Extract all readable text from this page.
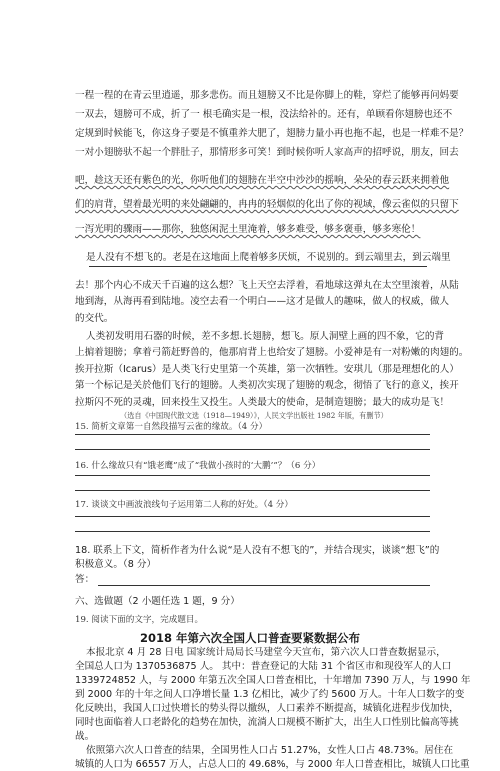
一程一程的在青云里逍遥，那多悲伤。而且翅膀又不比是你脚上的鞋，穿烂了能够再问妈要
一双去，翅膀可不成，折了一 根毛确实是一根，没法给补的。还有，单顾看你翅膀也还不
定规到时候能飞，你这身子要是不慎重养大肥了，翅膀力量小再也拖不起，也是一样难不是？
一对小翅膀驮不起一个胖肚子，那情形多可笑！到时候你听人家高声的招呼说，朋友，回去
吧，趁这天还有紫色的光，你听他们的翅膀在半空中沙沙的摇响，朵朵的春云跃来拥着他
们的肩背，望着最光明的来处翩翩的，冉冉的轻烟似的化出了你的视域，像云雀似的只留下
一泻光明的骤雨——那你，独悠闲泥土里淹着，够多难受，够多褒垂，够多寒伦！
是人没有不想飞的。老是在这地面上爬着够多厌烦，不说别的。到云端里去，到云端里
去！那个内心不成天千百遍的这么想？飞上天空去浮着，看地球这弹丸在太空里滚着，从陆
地到海，从海再看到陆地。凌空去看一个明白——这才是做人的趣味，做人的权威，做人
的交代。
人类初发明用石器的时候，差不多想.长翅膀，想飞。原人洞壁上画的四不象，它的背
上掮着翅膀；拿着弓箭赶野兽的，他那肩背上也给安了翅膀。小爱神是有一对粉嫩的肉翅的。
挨开拉斯（Icarus）是人类飞行史里第一个英雄，第一次牺牲。安琪儿（那是理想化的人）
第一个标记是关於他们飞行的翅膀。人类初次实现了翅膀的观念，彻悟了飞行的意义，挨开
拉斯闪不死的灵魂，回来投生又投生。人类最大的使命，是制造翅膀；最大的成功是飞！
（选自《中国现代散文选（1918—1949）》，人民文学出版社 1982 年版，有删节）
15. 简析文章第一自然段描写云雀的缘故。（4 分）
16. 什么缘故只有“饿老鹰”成了“我做小孩时的‘大鹏’”？（6 分）
17. 谈谈文中画波浪线句子运用第二人称的好处。（4 分）
18. 联系上下文，简析作者为什么说“是人没有不想飞的”，并结合现实，谈谈“想飞”的
积极意义。（8 分）
答：
六、选做题（2 小题任选 1 题，9 分）
19. 阅读下面的文字，完成题目。
2018 年第六次全国人口普查要紧数据公布
本报北京 4 月 28 日电 国家统计局局长马建堂今天宣布，第六次人口普查数据显示，
全国总人口为 1370536875 人。 其中：普查登记的大陆 31 个省区市和现役军人的人口
1339724852 人，与 2000 年第五次全国人口普查相比，十年增加 7390 万人，与 1990 年
到 2000 年的十年之间人口净增长量 1.3 亿相比，减少了约 5600 万人。十年人口数字的变
化反映出，我国人口过快增长的势头得以撤纵，人口素养不断提高，城镇化进程步伐加快，
同时也面临着人口老龄化的趋势在加快，流淌人口规模不断扩大，出生人口性别比偏高等挑
战。
依照第六次人口普查的结果，全国男性人口占 51.27%，女性人口占 48.73%。居住在
城镇的人口为 66557 万人，占总人口的 49.68%，与 2000 年人口普查相比，城镇人口比重
